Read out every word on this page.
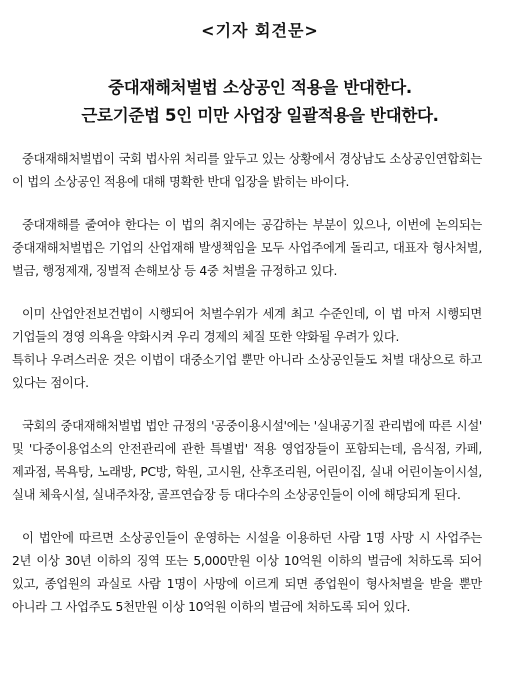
<기자 회견문>
중대재해처벌법 소상공인 적용을 반대한다.
근로기준법 5인 미만 사업장 일괄적용을 반대한다.

중대재해처벌법이 국회 법사위 처리를 앞두고 있는 상황에서 경상남도 소상공인연합회는 이 법의 소상공인 적용에 대해 명확한 반대 입장을 밝히는 바이다.

중대재해를 줄여야 한다는 이 법의 취지에는 공감하는 부분이 있으나, 이번에 논의되는 중대재해처벌법은 기업의 산업재해 발생책임을 모두 사업주에게 돌리고, 대표자 형사처벌, 벌금, 행정제재, 징벌적 손해보상 등 4중 처벌을 규정하고 있다.

이미 산업안전보건법이 시행되어 처벌수위가 세계 최고 수준인데, 이 법 마저 시행되면 기업들의 경영 의욕을 약화시켜 우리 경제의 체질 또한 약화될 우려가 있다.

특히나 우려스러운 것은 이법이 대중소기업 뿐만 아니라 소상공인들도 처벌 대상으로 하고 있다는 점이다.

국회의 중대재해처벌법 법안 규정의 '공중이용시설'에는 '실내공기질 관리법에 따른 시설' 및 '다중이용업소의 안전관리에 관한 특별법' 적용 영업장들이 포함되는데, 음식점, 카페, 제과점, 목욕탕, 노래방, PC방, 학원, 고시원, 산후조리원, 어린이집, 실내 어린이놀이시설, 실내 체육시설, 실내주차장, 골프연습장 등 대다수의 소상공인들이 이에 해당되게 된다.

이 법안에 따르면 소상공인들이 운영하는 시설을 이용하던 사람 1명 사망 시 사업주는 2년 이상 30년 이하의 징역 또는 5,000만원 이상 10억원 이하의 벌금에 처하도록 되어 있고, 종업원의 과실로 사람 1명이 사망에 이르게 되면 종업원이 형사처벌을 받을 뿐만 아니라 그 사업주도 5천만원 이상 10억원 이하의 벌금에 처하도록 되어 있다.
